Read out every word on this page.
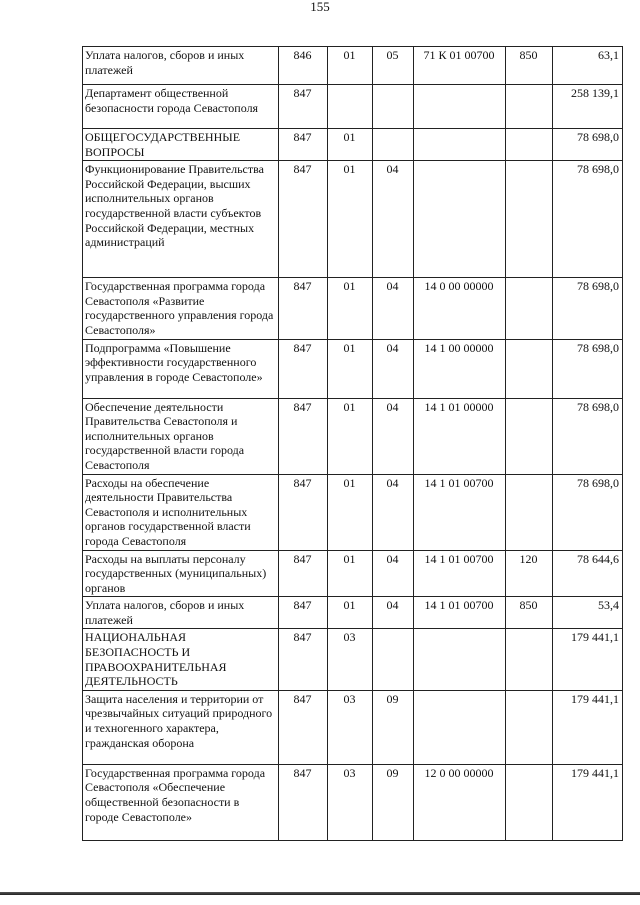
155
Уплата налогов, сборов и иных платежей	846	01	05	71 К 01 00700	850	63,1
Департамент общественной безопасности города Севастополя	847					258 139,1
ОБЩЕГОСУДАРСТВЕННЫЕ ВОПРОСЫ	847	01				78 698,0
Функционирование Правительства Российской Федерации, высших исполнительных органов государственной власти субъектов Российской Федерации, местных администраций	847	01	04			78 698,0
Государственная программа города Севастополя «Развитие государственного управления города Севастополя»	847	01	04	14 0 00 00000		78 698,0
Подпрограмма «Повышение эффективности государственного управления в городе Севастополе»	847	01	04	14 1 00 00000		78 698,0
Обеспечение деятельности Правительства Севастополя и исполнительных органов государственной власти города Севастополя	847	01	04	14 1 01 00000		78 698,0
Расходы на обеспечение деятельности Правительства Севастополя и исполнительных органов государственной власти города Севастополя	847	01	04	14 1 01 00700		78 698,0
Расходы на выплаты персоналу государственных (муниципальных) органов	847	01	04	14 1 01 00700	120	78 644,6
Уплата налогов, сборов и иных платежей	847	01	04	14 1 01 00700	850	53,4
НАЦИОНАЛЬНАЯ БЕЗОПАСНОСТЬ И ПРАВООХРАНИТЕЛЬНАЯ ДЕЯТЕЛЬНОСТЬ	847	03				179 441,1
Защита населения и территории от чрезвычайных ситуаций природного и техногенного характера, гражданская оборона	847	03	09			179 441,1
Государственная программа города Севастополя «Обеспечение общественной безопасности в городе Севастополе»	847	03	09	12 0 00 00000		179 441,1
